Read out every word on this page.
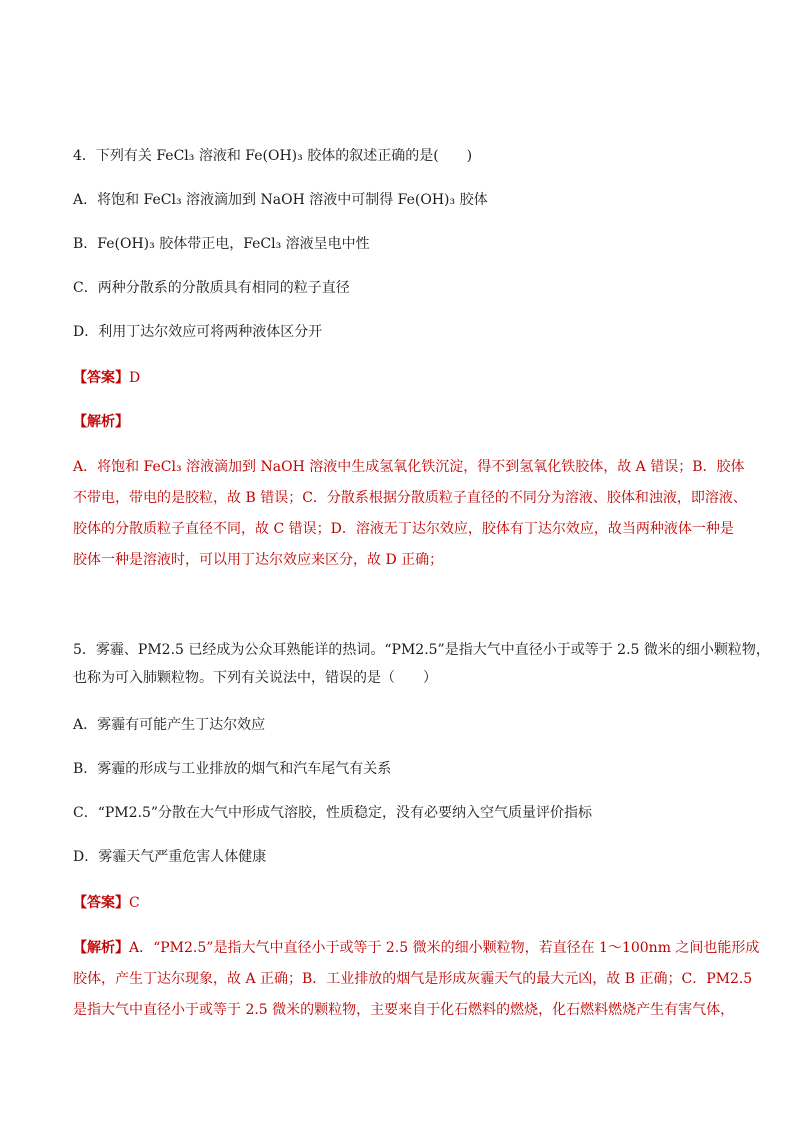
4．下列有关 FeCl₃ 溶液和 Fe(OH)₃ 胶体的叙述正确的是(　　)
A．将饱和 FeCl₃ 溶液滴加到 NaOH 溶液中可制得 Fe(OH)₃ 胶体
B．Fe(OH)₃ 胶体带正电，FeCl₃ 溶液呈电中性
C．两种分散系的分散质具有相同的粒子直径
D．利用丁达尔效应可将两种液体区分开
【答案】D
【解析】
A．将饱和 FeCl₃ 溶液滴加到 NaOH 溶液中生成氢氧化铁沉淀，得不到氢氧化铁胶体，故 A 错误；B．胶体
不带电，带电的是胶粒，故 B 错误；C．分散系根据分散质粒子直径的不同分为溶液、胶体和浊液，即溶液、
胶体的分散质粒子直径不同，故 C 错误；D．溶液无丁达尔效应，胶体有丁达尔效应，故当两种液体一种是
胶体一种是溶液时，可以用丁达尔效应来区分，故 D 正确；
5．雾霾、PM2.5 已经成为公众耳熟能详的热词。“PM2.5”是指大气中直径小于或等于 2.5 微米的细小颗粒物，
也称为可入肺颗粒物。下列有关说法中，错误的是（　　）
A．雾霾有可能产生丁达尔效应
B．雾霾的形成与工业排放的烟气和汽车尾气有关系
C．“PM2.5”分散在大气中形成气溶胶，性质稳定，没有必要纳入空气质量评价指标
D．雾霾天气严重危害人体健康
【答案】C
【解析】A．“PM2.5”是指大气中直径小于或等于 2.5 微米的细小颗粒物，若直径在 1～100nm 之间也能形成
胶体，产生丁达尔现象，故 A 正确；B．工业排放的烟气是形成灰霾天气的最大元凶，故 B 正确；C．PM2.5
是指大气中直径小于或等于 2.5 微米的颗粒物，主要来自于化石燃料的燃烧，化石燃料燃烧产生有害气体，
